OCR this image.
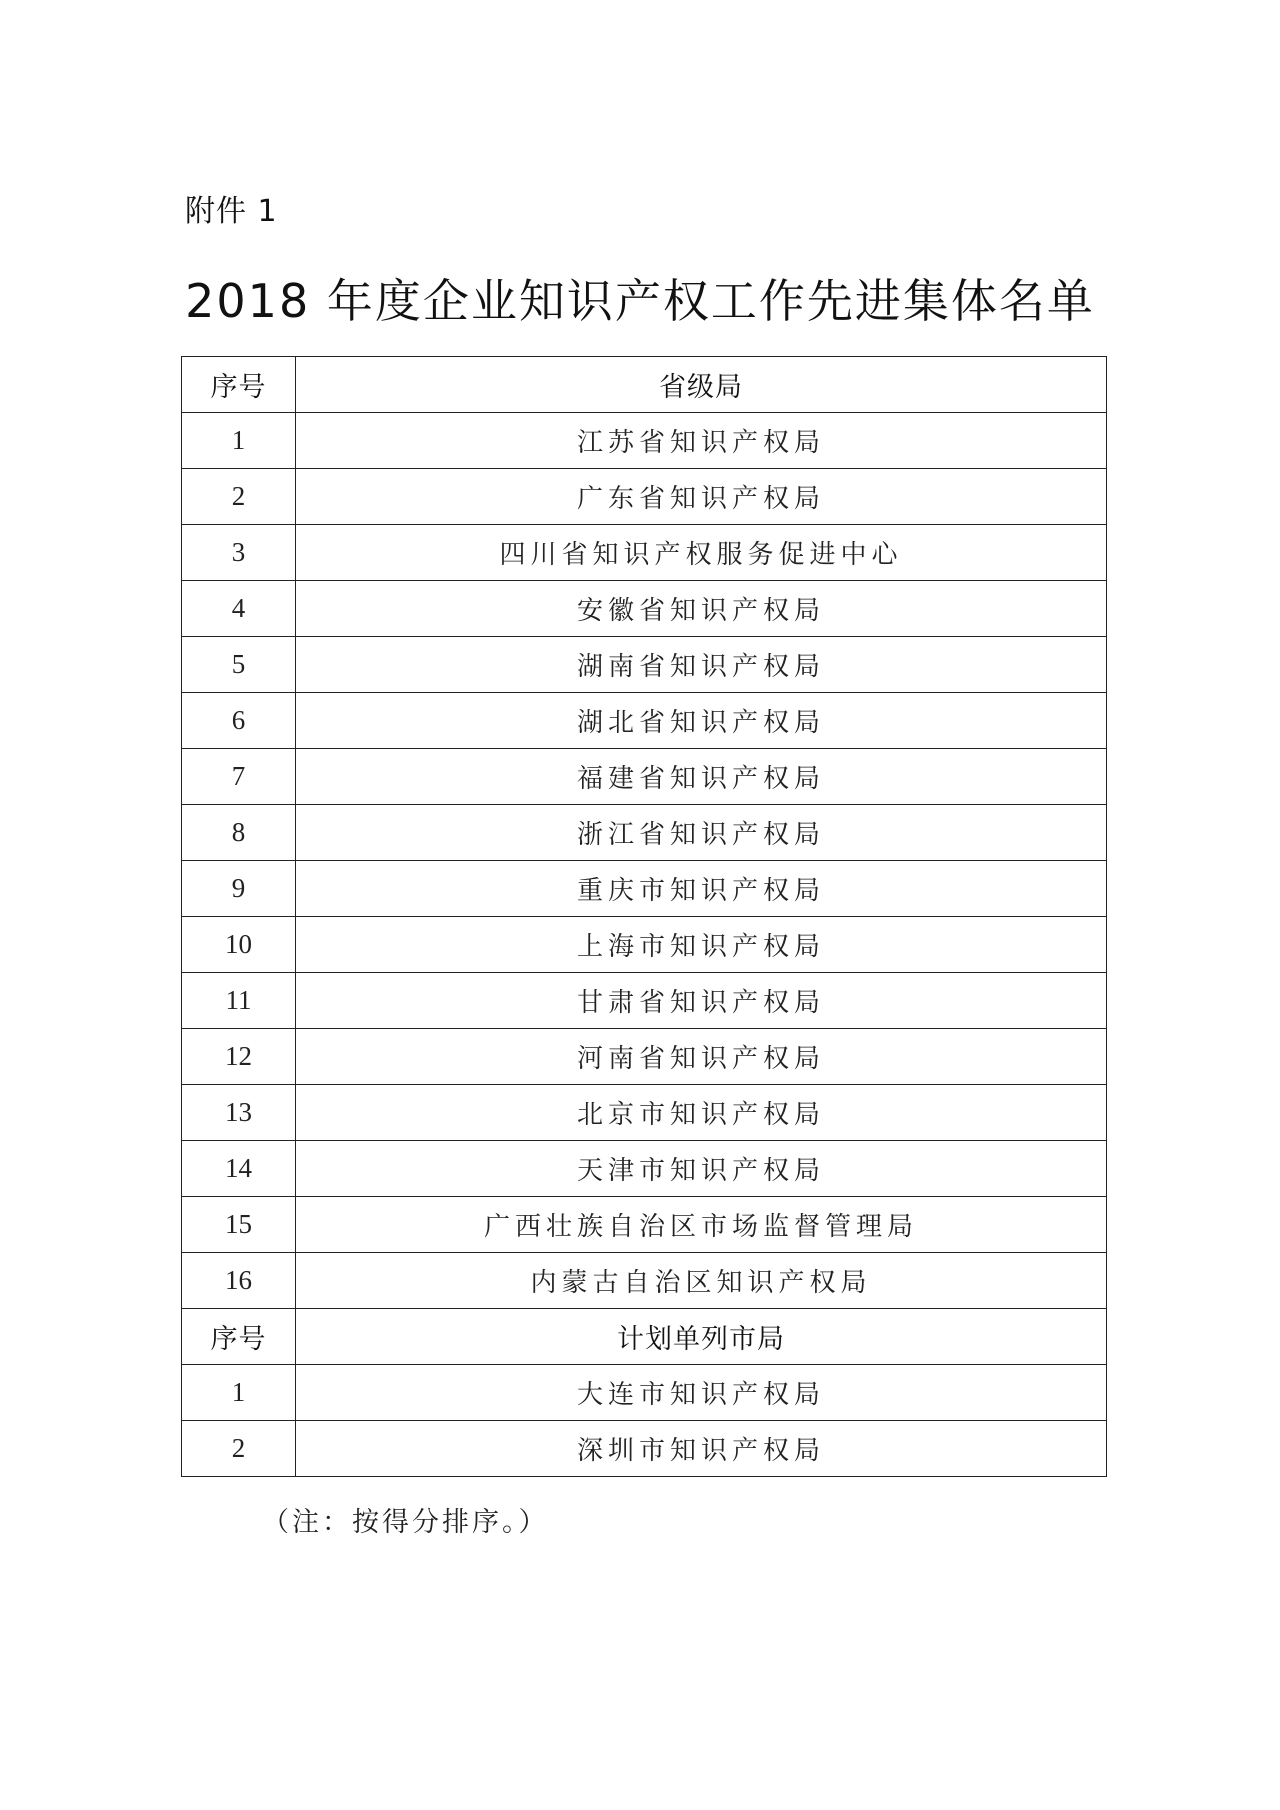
附件 1
2018 年度企业知识产权工作先进集体名单
序号	省级局
1	江苏省知识产权局
2	广东省知识产权局
3	四川省知识产权服务促进中心
4	安徽省知识产权局
5	湖南省知识产权局
6	湖北省知识产权局
7	福建省知识产权局
8	浙江省知识产权局
9	重庆市知识产权局
10	上海市知识产权局
11	甘肃省知识产权局
12	河南省知识产权局
13	北京市知识产权局
14	天津市知识产权局
15	广西壮族自治区市场监督管理局
16	内蒙古自治区知识产权局
序号	计划单列市局
1	大连市知识产权局
2	深圳市知识产权局
（注：按得分排序。）
